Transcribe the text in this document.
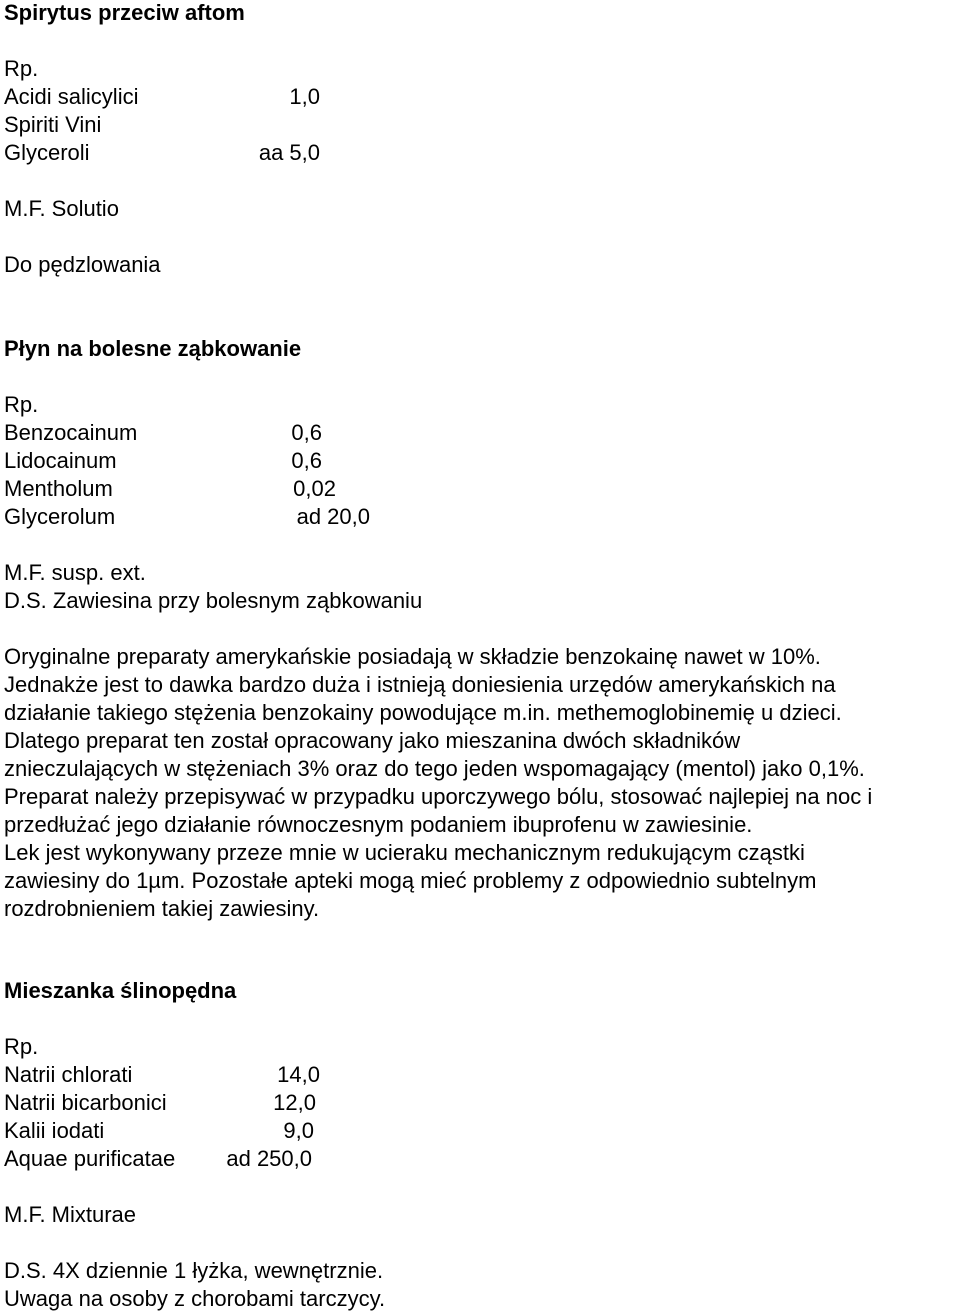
Spirytus przeciw aftom
Rp.
Acidi salicylici	1,0
Spiriti Vini
Glyceroli	aa 5,0
M.F. Solutio
Do pędzlowania
Płyn na bolesne ząbkowanie
Rp.
Benzocainum	0,6
Lidocainum	0,6
Mentholum	0,02
Glycerolum	ad 20,0
M.F. susp. ext.
D.S. Zawiesina przy bolesnym ząbkowaniu
Oryginalne preparaty amerykańskie posiadają w składzie benzokainę nawet w 10%.
Jednakże jest to dawka bardzo duża i istnieją doniesienia urzędów amerykańskich na
działanie takiego stężenia benzokainy powodujące m.in. methemoglobinemię u dzieci.
Dlatego preparat ten został opracowany jako mieszanina dwóch składników
znieczulających w stężeniach 3% oraz do tego jeden wspomagający (mentol) jako 0,1%.
Preparat należy przepisywać w przypadku uporczywego bólu, stosować najlepiej na noc i
przedłużać jego działanie równoczesnym podaniem ibuprofenu w zawiesinie.
Lek jest wykonywany przeze mnie w ucieraku mechanicznym redukującym cząstki
zawiesiny do 1µm. Pozostałe apteki mogą mieć problemy z odpowiednio subtelnym
rozdrobnieniem takiej zawiesiny.
Mieszanka ślinopędna
Rp.
Natrii chlorati	14,0
Natrii bicarbonici	12,0
Kalii iodati	9,0
Aquae purificatae ad 250,0
M.F. Mixturae
D.S. 4X dziennie 1 łyżka, wewnętrznie.
Uwaga na osoby z chorobami tarczycy.
